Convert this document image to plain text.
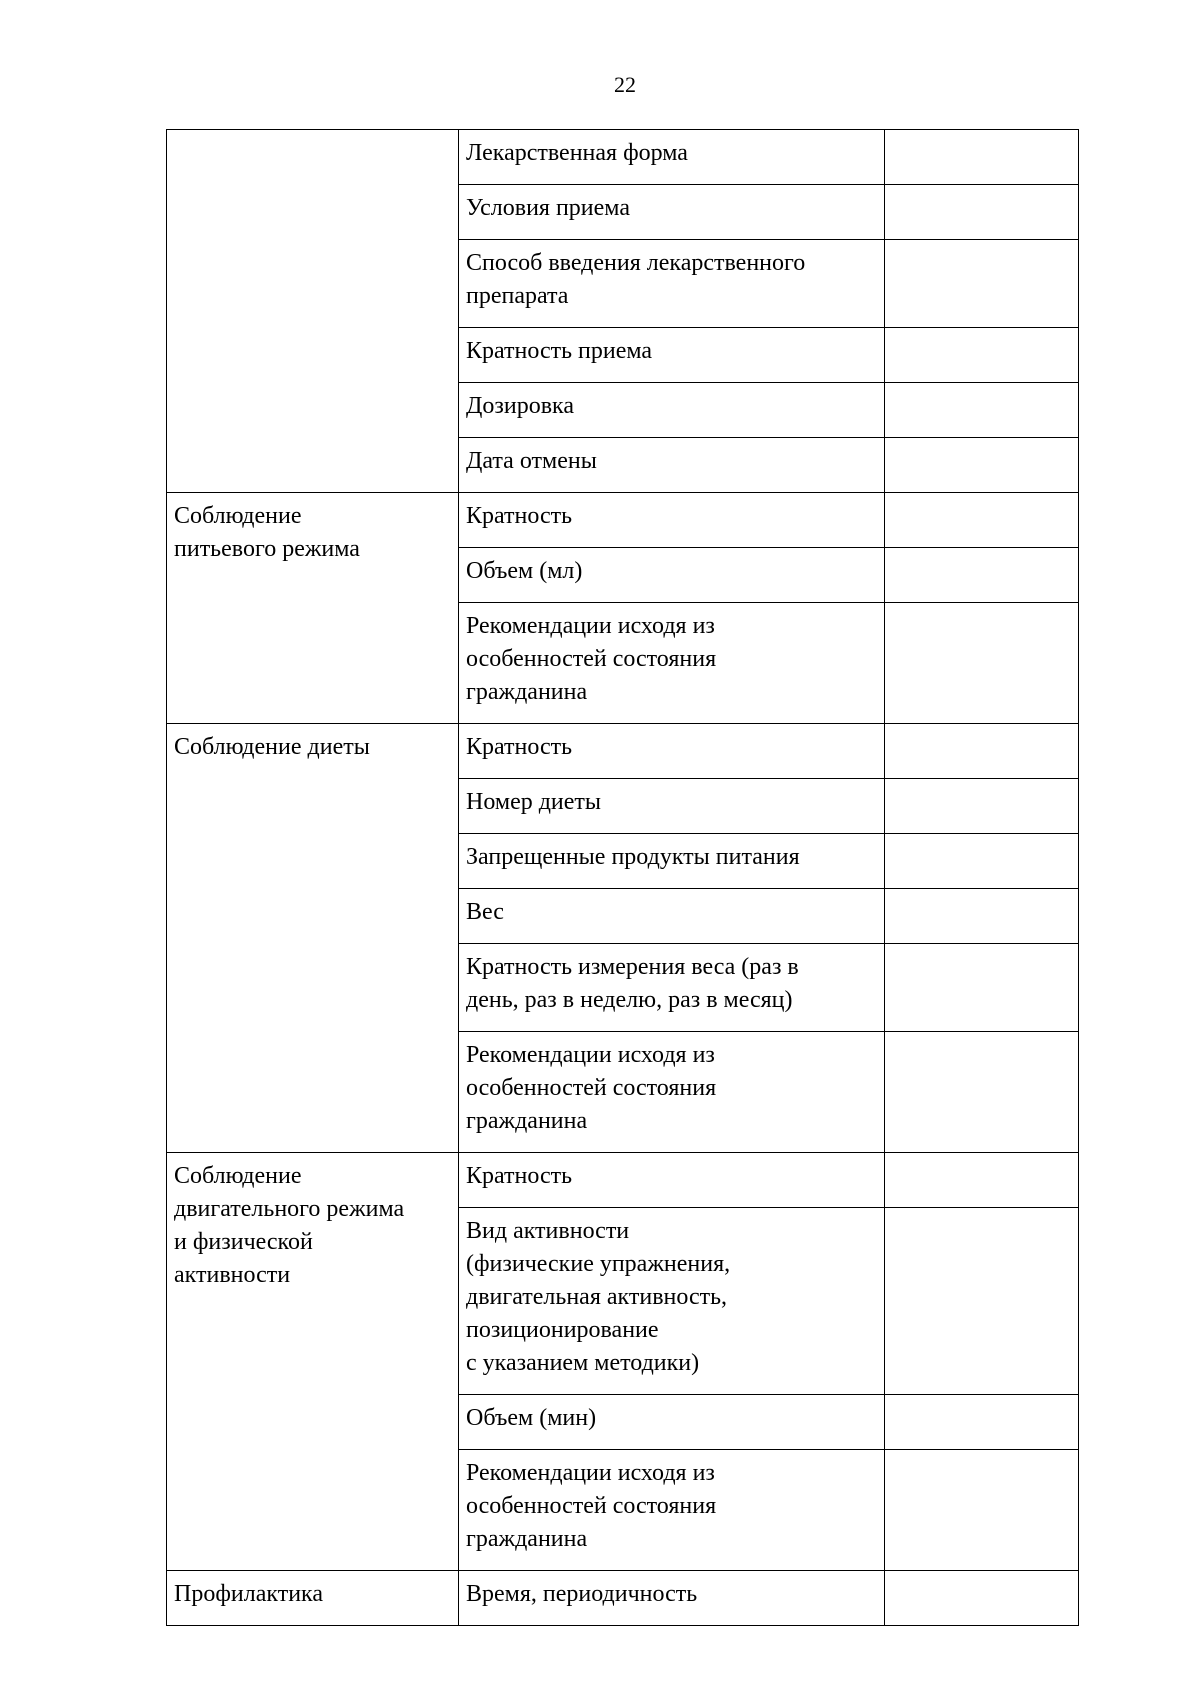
22
	Лекарственная форма	
	Условия приема	
	Способ введения лекарственного
препарата	
	Кратность приема	
	Дозировка	
	Дата отмены	
Соблюдение
питьевого режима	Кратность	
	Объем (мл)	
	Рекомендации исходя из
особенностей состояния
гражданина	
Соблюдение диеты	Кратность	
	Номер диеты	
	Запрещенные продукты питания	
	Вес	
	Кратность измерения веса (раз в
день, раз в неделю, раз в месяц)	
	Рекомендации исходя из
особенностей состояния
гражданина	
Соблюдение
двигательного режима
и физической
активности	Кратность	
	Вид активности
(физические упражнения,
двигательная активность,
позиционирование
с указанием методики)	
	Объем (мин)	
	Рекомендации исходя из
особенностей состояния
гражданина	
Профилактика	Время, периодичность	
